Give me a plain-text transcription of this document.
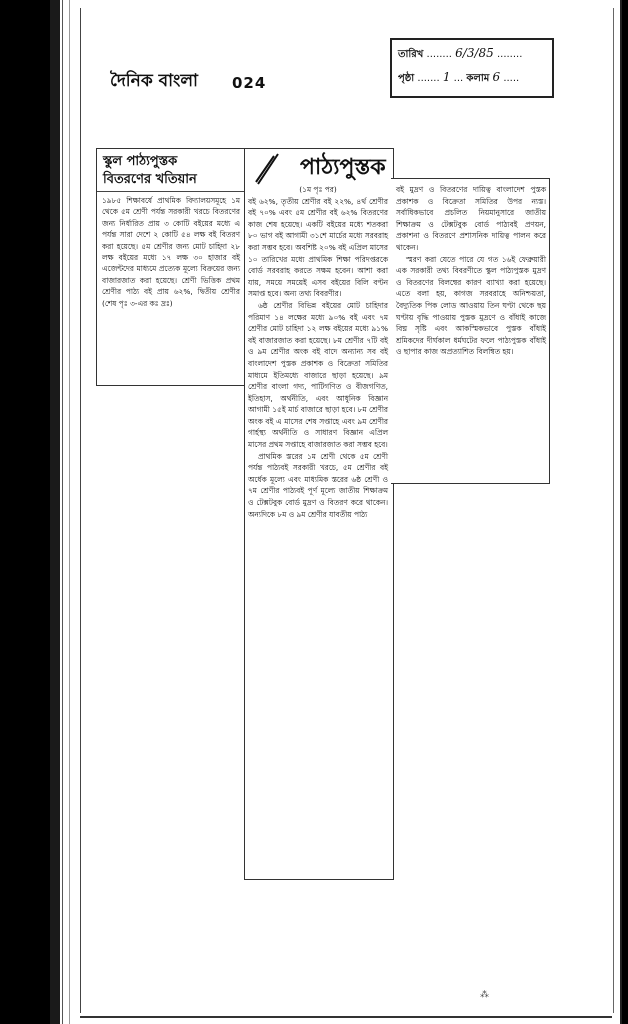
দৈনিক বাংলা 024
তারিখ ........ 6/3/85 ........
পৃষ্ঠা ....... 1 ... কলাম 6 .....
স্কুল পাঠ্যপুস্তক
বিতরণের খতিয়ান
১৯৮৫ শিক্ষাবর্ষে প্রাথমিক বিদ্যালয়সমূহে ১ম থেকে ৫ম শ্রেণী পর্যন্ত সরকারী খরচে বিতরণের জন্য নির্ধারিত প্রায় ৩ কোটি বইয়ের মধ্যে এ পর্যন্ত সারা দেশে ২ কোটি ৫৪ লক্ষ বই বিতরণ করা হয়েছে। ৫ম শ্রেণীর জন্য মোট চাহিদা ২৮ লক্ষ বইয়ের মধ্যে ১৭ লক্ষ ৩০ হাজার বই এজেন্টদের মাধ্যমে প্রত্যেক মূল্যে বিক্রয়ের জন্য বাজারজাত করা হয়েছে। শ্রেণী ভিত্তিক প্রথম শ্রেণীর পাঠ্য বই প্রায় ৬২%, দ্বিতীয় শ্রেণীর (শেষ পৃঃ ৩-এর কঃ দ্রঃ)
পাঠ্যপুস্তক
(১ম পৃঃ পর)

বই ৬২%, তৃতীয় শ্রেণীর বই ২২%, ৪র্থ শ্রেণীর বই ৭০% এবং ৫ম শ্রেণীর বই ৬২% বিতরণের কাজ শেষ হয়েছে। একটি বইয়ের মধ্যে শতকরা ৮০ ভাগ বই আগামী ৩১শে মার্চের মধ্যে সরবরাহ করা সম্ভব হবে। অবশিষ্ট ২০% বই এপ্রিল মাসের ১০ তারিখের মধ্যে প্রাথমিক শিক্ষা পরিদপ্তরকে বোর্ড সরবরাহ করতে সক্ষম হবেন। আশা করা যায়, সময়ে সময়েই এসব বইয়ের বিলি বণ্টন সমাপ্ত হবে। অন্য তথ্য বিবরণীর।

৬ষ্ঠ শ্রেণীর বিভিন্ন বইয়ের মোট চাহিদার পরিমাণ ১৪ লক্ষের মধ্যে ৯০% বই এবং ৭ম শ্রেণীর মোট চাহিদা ১২ লক্ষ বইয়ের মধ্যে ৯১% বই বাজারজাত করা হয়েছে। ৮ম শ্রেণীর ৭টি বই ও ৯ম শ্রেণীর অংক বই বাদে অন্যান্য সব বই বাংলাদেশ পুস্তক প্রকাশক ও বিক্রেতা সমিতির মাধ্যমে ইতিমধ্যে বাজারে ছাড়া হয়েছে। ৯ম শ্রেণীর বাংলা গদ্য, পাটিগণিত ও বীজগণিত, ইতিহাস, অর্থনীতি, এবং আধুনিক বিজ্ঞান আগামী ১৫ই মার্চ বাজারে ছাড়া হবে। ৮ম শ্রেণীর অংক বই এ মাসের শেষ সপ্তাহে এবং ৯ম শ্রেণীর গার্হস্থ্য অর্থনীতি ও সাধারণ বিজ্ঞান এপ্রিল মাসের প্রথম সপ্তাহে বাজারজাত করা সম্ভব হবে।

প্রাথমিক স্তরের ১ম শ্রেণী থেকে ৫ম শ্রেণী পর্যন্ত পাঠ্যবই সরকারী খরচে, ৫ম শ্রেণীর বই অর্ধেক মূল্যে এবং মাধ্যমিক স্তরের ৬ষ্ঠ শ্রেণী ও ৭ম শ্রেণীর পাঠ্যবই পূর্ণ মূল্যে জাতীয় শিক্ষাক্রম ও টেক্সটবুক বোর্ড মুদ্রণ ও বিতরণ করে থাকেন। অন্যদিকে ৮ম ও ৯ম শ্রেণীর যাবতীয় পাঠ্য

বই মুদ্রণ ও বিতরণের দায়িত্ব বাংলাদেশ পুস্তক প্রকাশক ও বিক্রেতা সমিতির উপর ন্যস্ত। সর্বাধিকভাবে প্রচলিত নিয়মানুসারে জাতীয় শিক্ষাক্রম ও টেক্সটবুক বোর্ড পাঠ্যবই প্রণয়ন, প্রকাশনা ও বিতরণে প্রশাসনিক দায়িত্ব পালন করে থাকেন।

স্মরণ করা যেতে পারে যে গত ১৬ই ফেব্রুয়ারী এক সরকারী তথ্য বিবরণীতে স্কুল পাঠ্যপুস্তক মুদ্রণ ও বিতরণের বিলম্বের কারণ ব্যাখ্যা করা হয়েছে। এতে বলা হয়, কাগজ সরবরাহে অনিশ্চয়তা, বৈদ্যুতিক পিক লোড আওয়ায় তিন ঘণ্টা থেকে ছয় ঘণ্টায় বৃদ্ধি পাওয়ায় পুস্তক মুদ্রণে ও বাঁধাই কাজে বিঘ্ন সৃষ্টি এবং আকস্মিকভাবে পুস্তক বাঁধাই শ্রমিকদের দীর্ঘকাল ধর্মঘটের ফলে পাঠ্যপুস্তক বাঁধাই ও ছাপার কাজ অপ্রত্যাশিত বিলম্বিত হয়।

⁂
